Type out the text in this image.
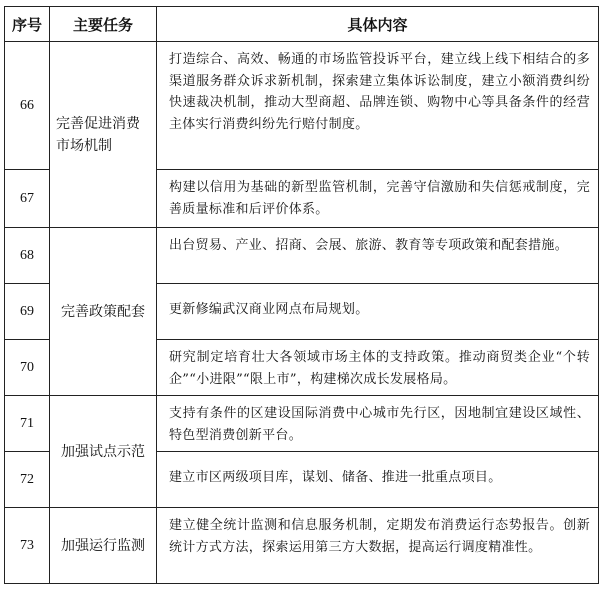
序号	主要任务	具体内容
66	完善促进消费市场机制	打造综合、高效、畅通的市场监管投诉平台，建立线上线下相结合的多渠道服务群众诉求新机制，探索建立集体诉讼制度，建立小额消费纠纷快速裁决机制，推动大型商超、品牌连锁、购物中心等具备条件的经营主体实行消费纠纷先行赔付制度。
67		构建以信用为基础的新型监管机制，完善守信激励和失信惩戒制度，完善质量标准和后评价体系。
68	完善政策配套	出台贸易、产业、招商、会展、旅游、教育等专项政策和配套措施。
69		更新修编武汉商业网点布局规划。
70		研究制定培育壮大各领域市场主体的支持政策。推动商贸类企业“个转企”“小进限”“限上市”，构建梯次成长发展格局。
71	加强试点示范	支持有条件的区建设国际消费中心城市先行区，因地制宜建设区域性、特色型消费创新平台。
72		建立市区两级项目库，谋划、储备、推进一批重点项目。
73	加强运行监测	建立健全统计监测和信息服务机制，定期发布消费运行态势报告。创新统计方式方法，探索运用第三方大数据，提高运行调度精准性。
